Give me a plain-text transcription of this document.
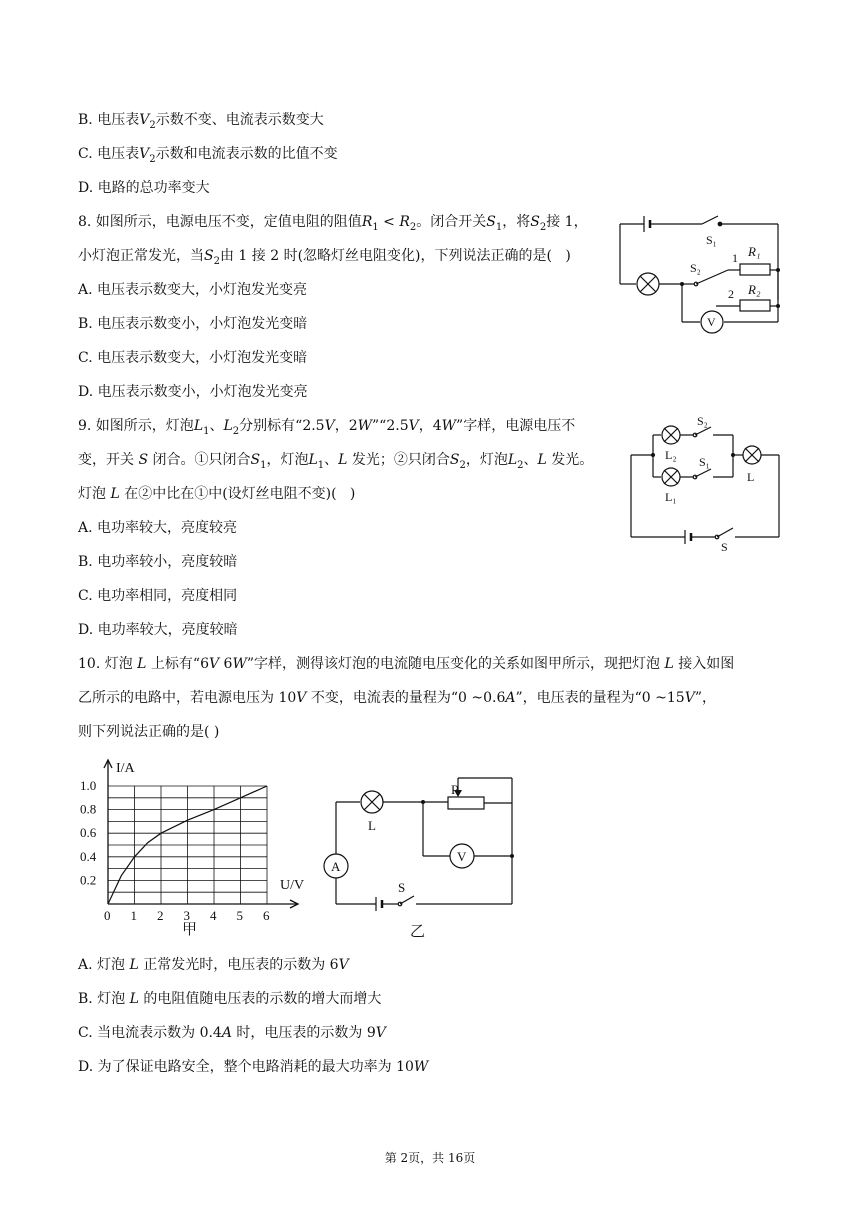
B. 电压表$V_2$示数不变、电流表示数变大
C. 电压表$V_2$示数和电流表示数的比值不变
D. 电路的总功率变大
8. 如图所示，电源电压不变，定值电阻的阻值$R_1 < R_2$。闭合开关$S_1$，将$S_2$接 1，
小灯泡正常发光，当$S_2$由 1 接 2 时(忽略灯丝电阻变化)，下列说法正确的是(   )
A. 电压表示数变大，小灯泡发光变亮
B. 电压表示数变小，小灯泡发光变暗
C. 电压表示数变大，小灯泡发光变暗
D. 电压表示数变小，小灯泡发光变亮
S₁
S₂
1
2
R₁
R₂
V
9. 如图所示，灯泡$L_1$、$L_2$分别标有“2.5V，2W”“2.5V，4W”字样，电源电压不
变，开关 S 闭合。①只闭合$S_1$，灯泡$L_1$、L 发光；②只闭合$S_2$，灯泡$L_2$、L 发光。
灯泡 L 在②中比在①中(设灯丝电阻不变)(   )
A. 电功率较大，亮度较亮
B. 电功率较小，亮度较暗
C. 电功率相同，亮度相同
D. 电功率较大，亮度较暗
S₂
L₂ S₁
L₁
L
S
10. 灯泡 L 上标有“6V 6W”字样，测得该灯泡的电流随电压变化的关系如图甲所示，现把灯泡 L 接入如图
乙所示的电路中，若电源电压为 10V 不变，电流表的量程为“0 ~0.6A”，电压表的量程为“0 ~15V”，
则下列说法正确的是( )
0 1 2 3 4 5 6
0.2
0.4
0.6
0.8
1.0
I/A
U/V
甲
R
L
A
V
S
乙
A. 灯泡 L 正常发光时，电压表的示数为 6V
B. 灯泡 L 的电阻值随电压表的示数的增大而增大
C. 当电流表示数为 0.4A 时，电压表的示数为 9V
D. 为了保证电路安全，整个电路消耗的最大功率为 10W
第 2页，共 16页
